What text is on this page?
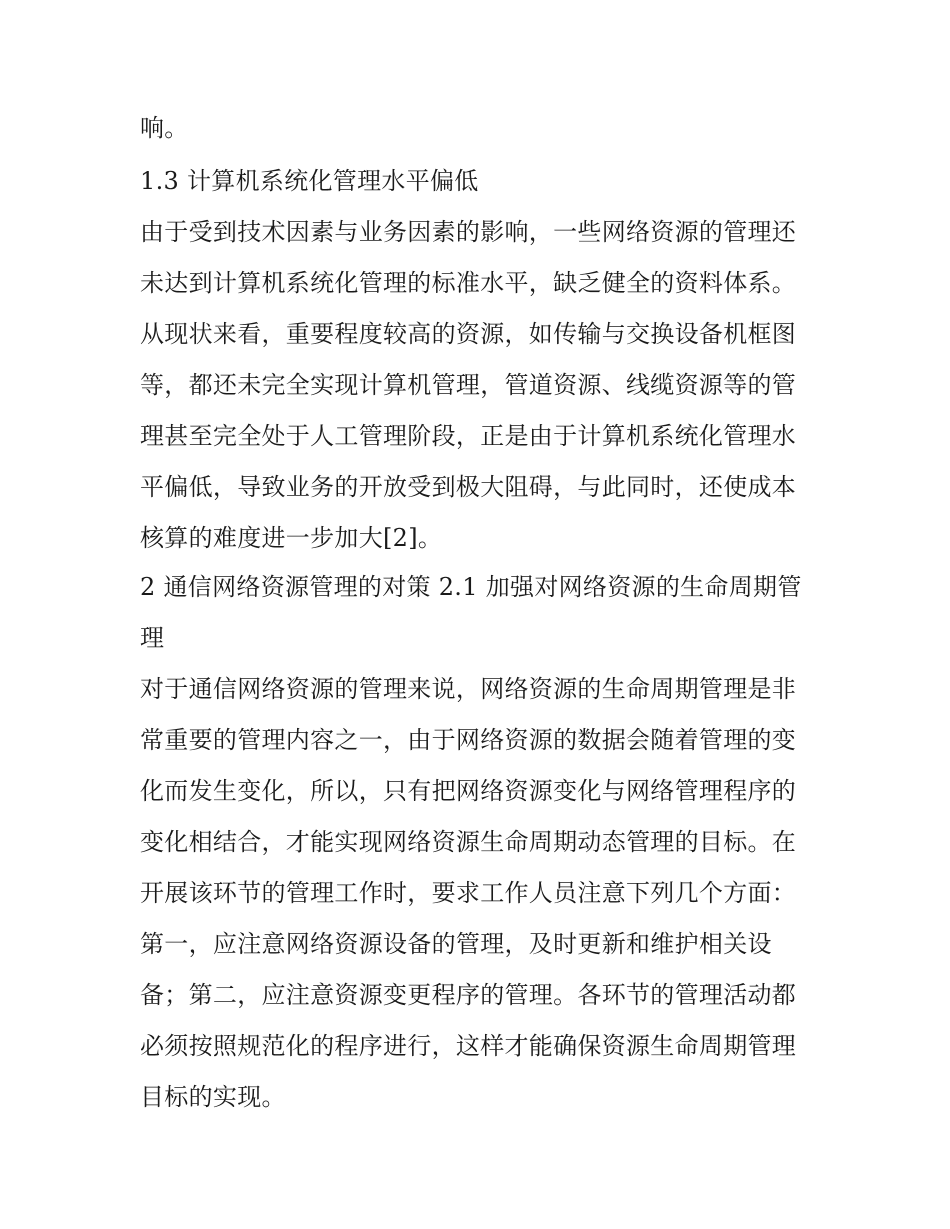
响。
1.3 计算机系统化管理水平偏低
由于受到技术因素与业务因素的影响，一些网络资源的管理还
未达到计算机系统化管理的标准水平，缺乏健全的资料体系。
从现状来看，重要程度较高的资源，如传输与交换设备机框图
等，都还未完全实现计算机管理，管道资源、线缆资源等的管
理甚至完全处于人工管理阶段，正是由于计算机系统化管理水
平偏低，导致业务的开放受到极大阻碍，与此同时，还使成本
核算的难度进一步加大[2]。
2 通信网络资源管理的对策 2.1 加强对网络资源的生命周期管
理
对于通信网络资源的管理来说，网络资源的生命周期管理是非
常重要的管理内容之一，由于网络资源的数据会随着管理的变
化而发生变化，所以，只有把网络资源变化与网络管理程序的
变化相结合，才能实现网络资源生命周期动态管理的目标。在
开展该环节的管理工作时，要求工作人员注意下列几个方面：
第一，应注意网络资源设备的管理，及时更新和维护相关设
备；第二，应注意资源变更程序的管理。各环节的管理活动都
必须按照规范化的程序进行，这样才能确保资源生命周期管理
目标的实现。
